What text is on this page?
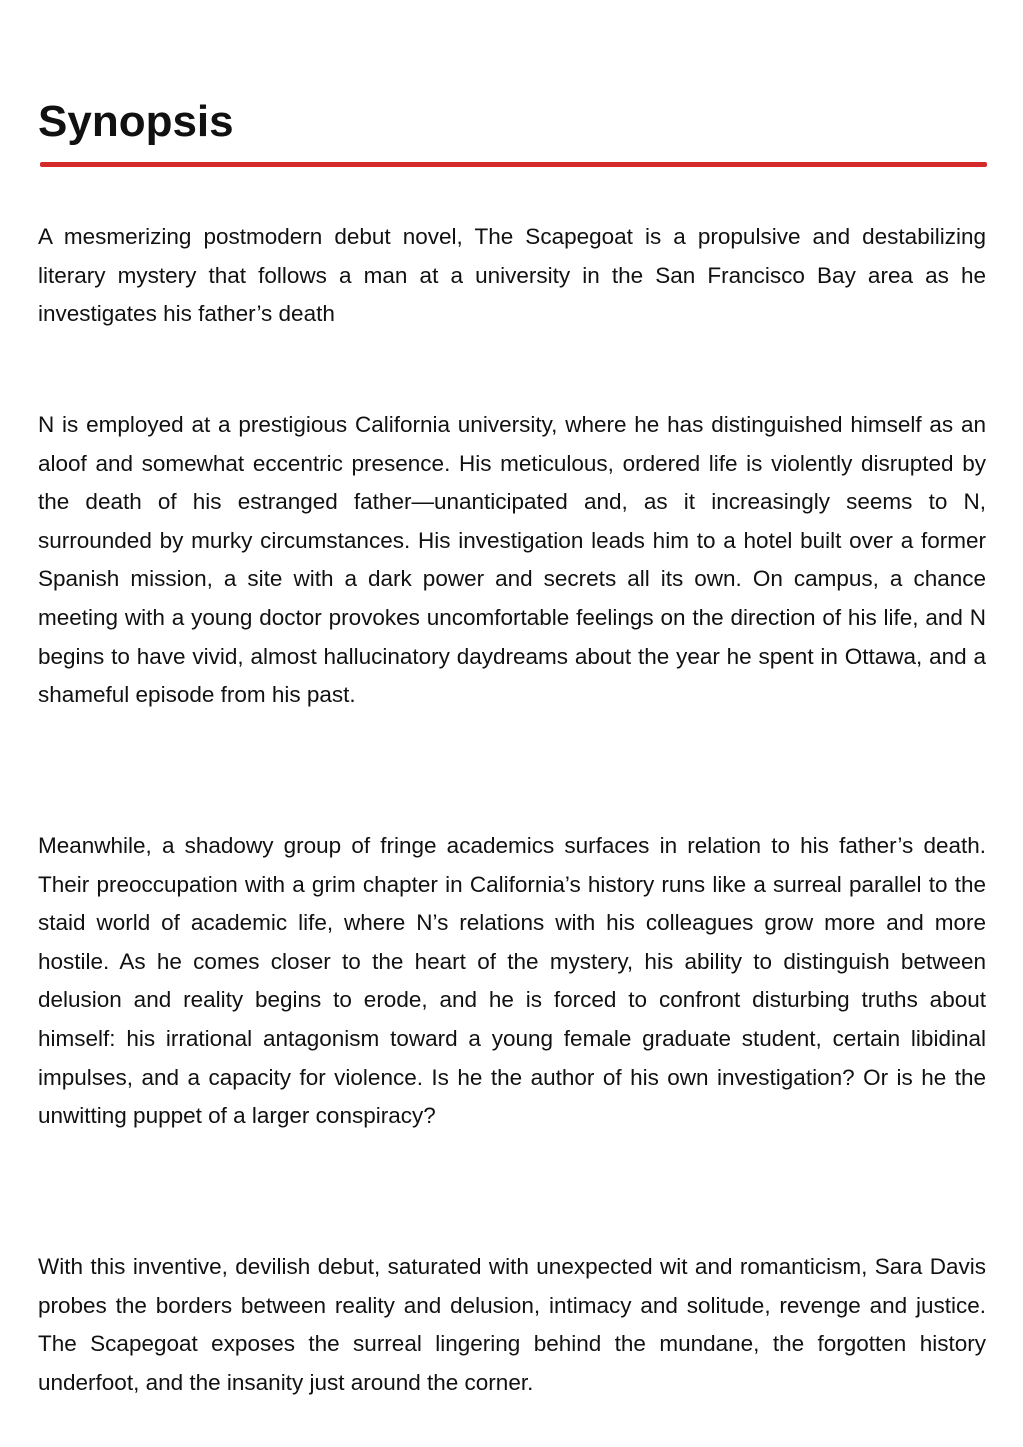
Synopsis

A mesmerizing postmodern debut novel, The Scapegoat is a propulsive and destabilizing literary mystery that follows a man at a university in the San Francisco Bay area as he investigates his father’s death

N is employed at a prestigious California university, where he has distinguished himself as an aloof and somewhat eccentric presence. His meticulous, ordered life is violently disrupted by the death of his estranged father—unanticipated and, as it increasingly seems to N, surrounded by murky circumstances. His investigation leads him to a hotel built over a former Spanish mission, a site with a dark power and secrets all its own. On campus, a chance meeting with a young doctor provokes uncomfortable feelings on the direction of his life, and N begins to have vivid, almost hallucinatory daydreams about the year he spent in Ottawa, and a shameful episode from his past.

Meanwhile, a shadowy group of fringe academics surfaces in relation to his father’s death. Their preoccupation with a grim chapter in California’s history runs like a surreal parallel to the staid world of academic life, where N’s relations with his colleagues grow more and more hostile. As he comes closer to the heart of the mystery, his ability to distinguish between delusion and reality begins to erode, and he is forced to confront disturbing truths about himself: his irrational antagonism toward a young female graduate student, certain libidinal impulses, and a capacity for violence. Is he the author of his own investigation? Or is he the unwitting puppet of a larger conspiracy?

With this inventive, devilish debut, saturated with unexpected wit and romanticism, Sara Davis probes the borders between reality and delusion, intimacy and solitude, revenge and justice. The Scapegoat exposes the surreal lingering behind the mundane, the forgotten history underfoot, and the insanity just around the corner.
